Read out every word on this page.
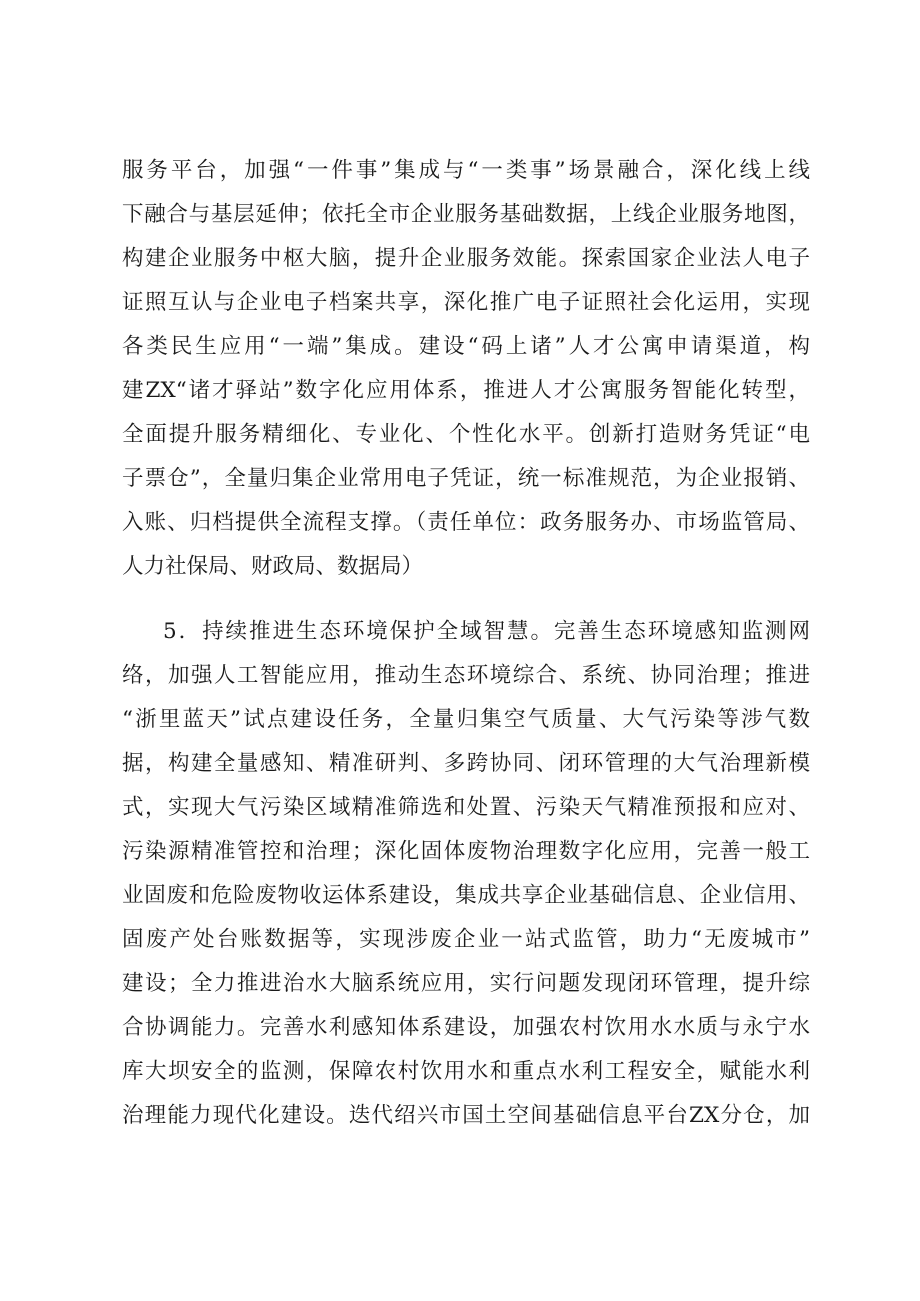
服务平台，加强“一件事”集成与“一类事”场景融合，深化线上线
下融合与基层延伸；依托全市企业服务基础数据，上线企业服务地图，
构建企业服务中枢大脑，提升企业服务效能。探索国家企业法人电子
证照互认与企业电子档案共享，深化推广电子证照社会化运用，实现
各类民生应用“一端”集成。建设“码上诸”人才公寓申请渠道，构
建ZX“诸才驿站”数字化应用体系，推进人才公寓服务智能化转型，
全面提升服务精细化、专业化、个性化水平。创新打造财务凭证“电
子票仓”，全量归集企业常用电子凭证，统一标准规范，为企业报销、
入账、归档提供全流程支撑。（责任单位：政务服务办、市场监管局、
人力社保局、财政局、数据局）
5．持续推进生态环境保护全域智慧。完善生态环境感知监测网
络，加强人工智能应用，推动生态环境综合、系统、协同治理；推进
“浙里蓝天”试点建设任务，全量归集空气质量、大气污染等涉气数
据，构建全量感知、精准研判、多跨协同、闭环管理的大气治理新模
式，实现大气污染区域精准筛选和处置、污染天气精准预报和应对、
污染源精准管控和治理；深化固体废物治理数字化应用，完善一般工
业固废和危险废物收运体系建设，集成共享企业基础信息、企业信用、
固废产处台账数据等，实现涉废企业一站式监管，助力“无废城市”
建设；全力推进治水大脑系统应用，实行问题发现闭环管理，提升综
合协调能力。完善水利感知体系建设，加强农村饮用水水质与永宁水
库大坝安全的监测，保障农村饮用水和重点水利工程安全，赋能水利
治理能力现代化建设。迭代绍兴市国土空间基础信息平台ZX分仓，加
